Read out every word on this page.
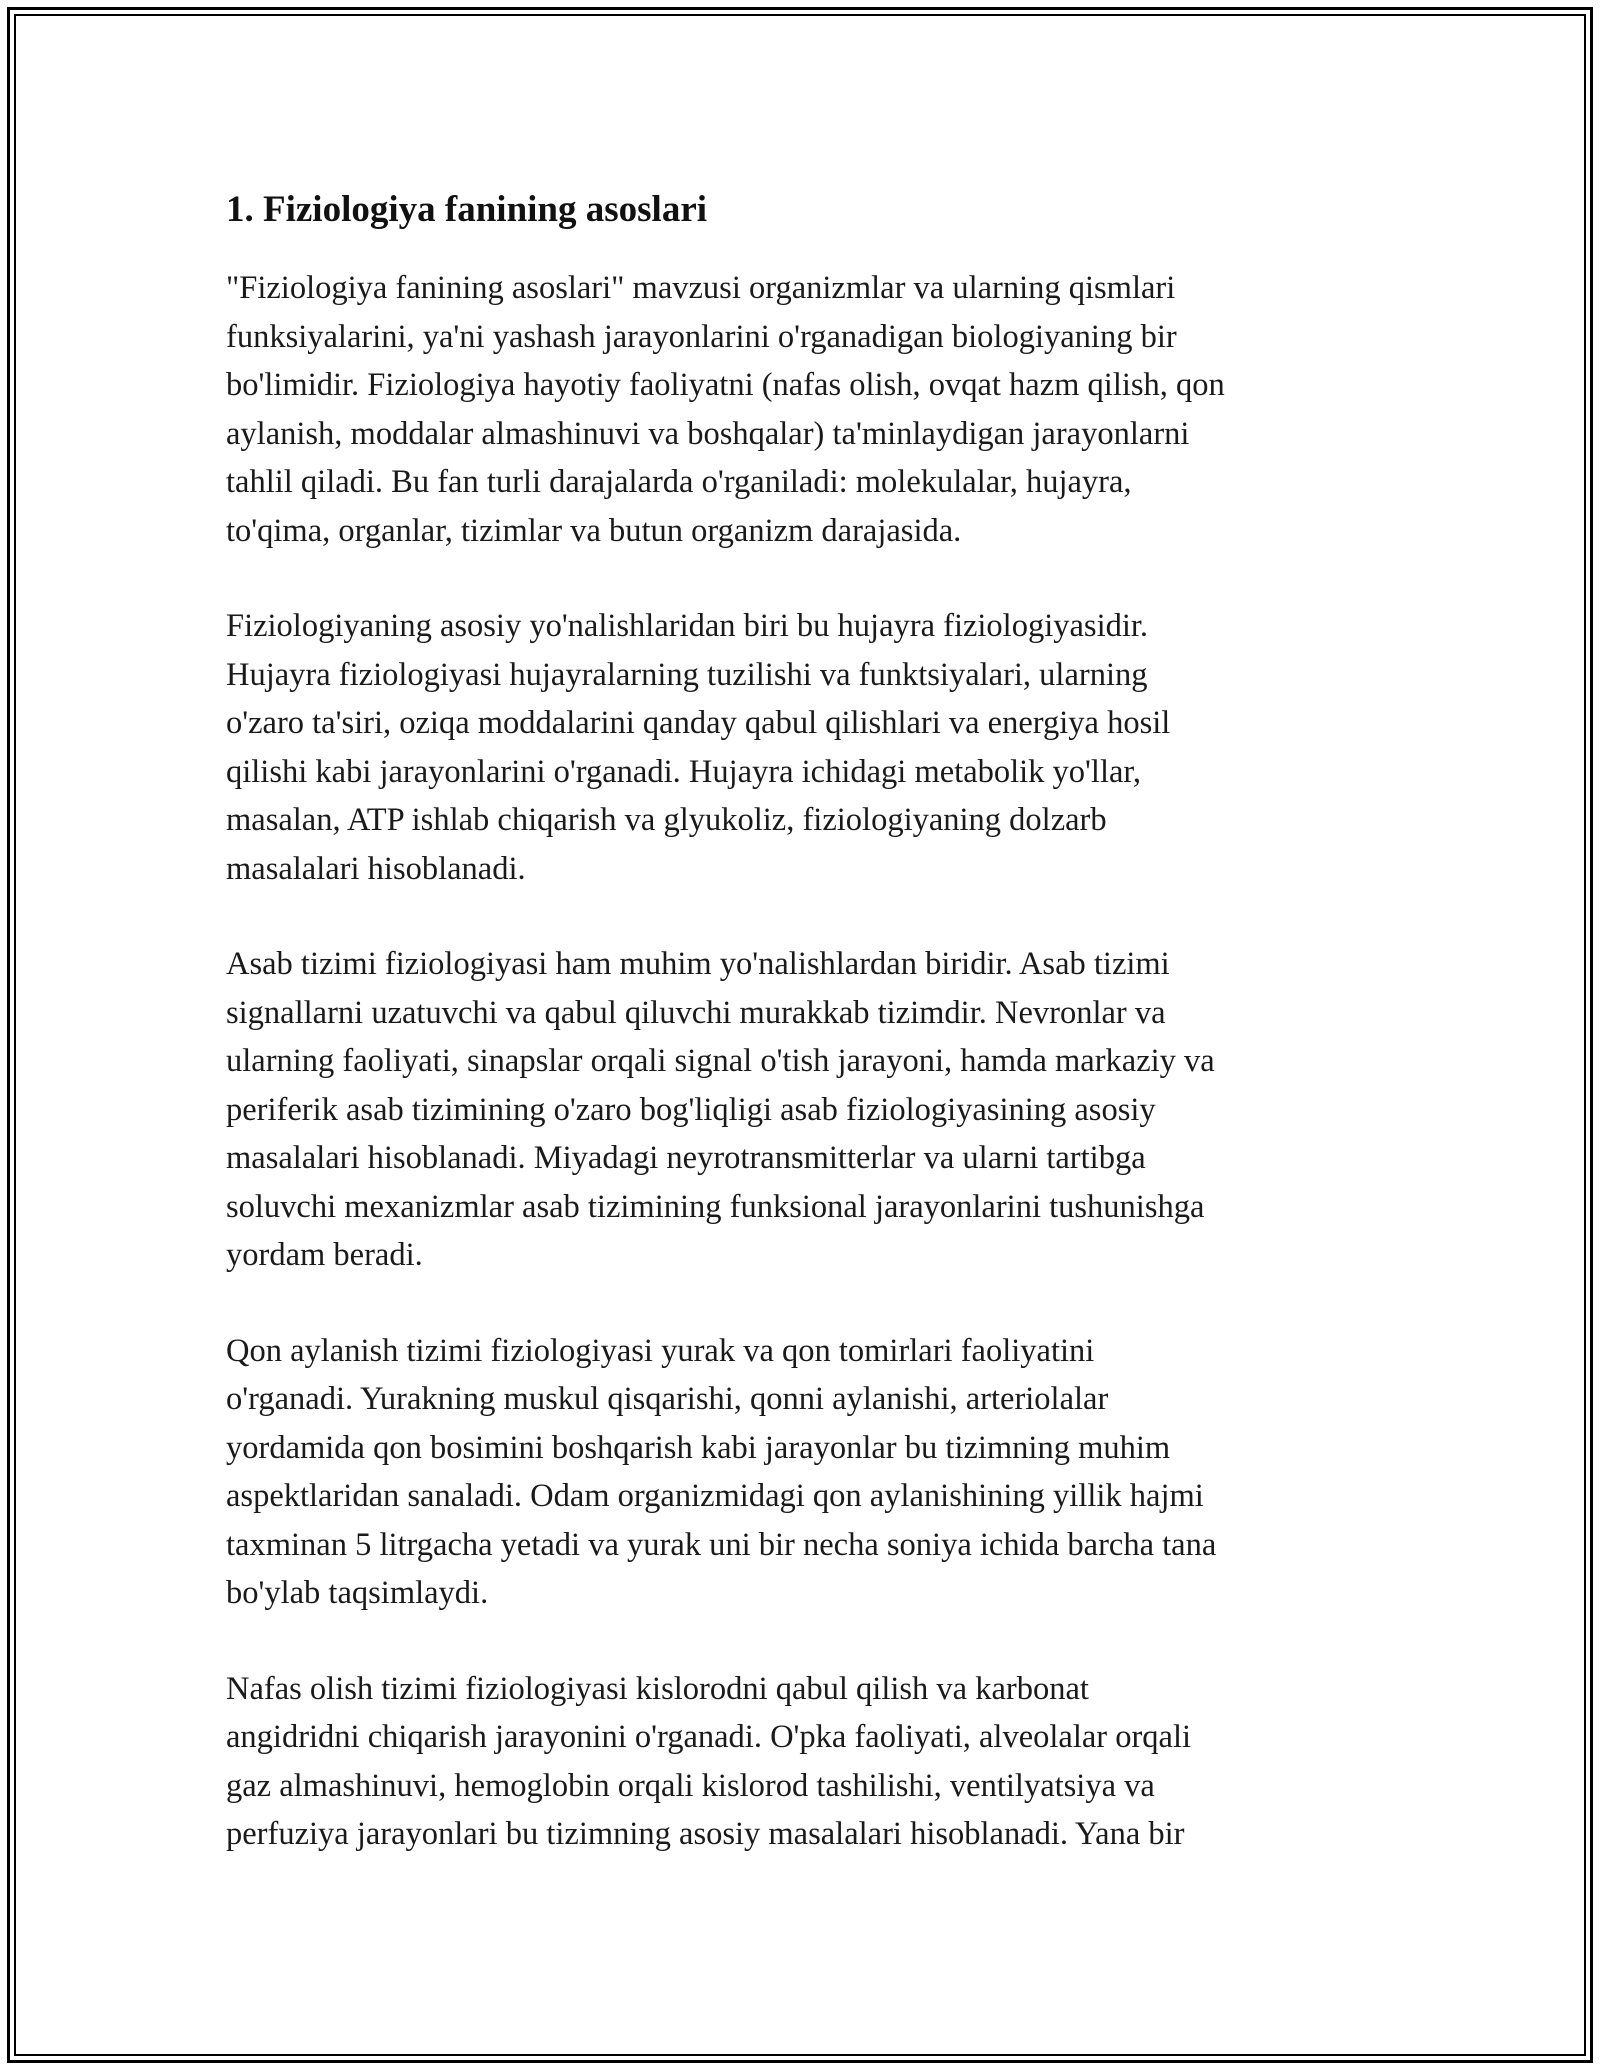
1. Fiziologiya fanining asoslari

"Fiziologiya fanining asoslari" mavzusi organizmlar va ularning qismlari
funksiyalarini, ya'ni yashash jarayonlarini o'rganadigan biologiyaning bir
bo'limidir. Fiziologiya hayotiy faoliyatni (nafas olish, ovqat hazm qilish, qon
aylanish, moddalar almashinuvi va boshqalar) ta'minlaydigan jarayonlarni
tahlil qiladi. Bu fan turli darajalarda o'rganiladi: molekulalar, hujayra,
to'qima, organlar, tizimlar va butun organizm darajasida.

Fiziologiyaning asosiy yo'nalishlaridan biri bu hujayra fiziologiyasidir.
Hujayra fiziologiyasi hujayralarning tuzilishi va funktsiyalari, ularning
o'zaro ta'siri, oziqa moddalarini qanday qabul qilishlari va energiya hosil
qilishi kabi jarayonlarini o'rganadi. Hujayra ichidagi metabolik yo'llar,
masalan, ATP ishlab chiqarish va glyukoliz, fiziologiyaning dolzarb
masalalari hisoblanadi.

Asab tizimi fiziologiyasi ham muhim yo'nalishlardan biridir. Asab tizimi
signallarni uzatuvchi va qabul qiluvchi murakkab tizimdir. Nevronlar va
ularning faoliyati, sinapslar orqali signal o'tish jarayoni, hamda markaziy va
periferik asab tizimining o'zaro bog'liqligi asab fiziologiyasining asosiy
masalalari hisoblanadi. Miyadagi neyrotransmitterlar va ularni tartibga
soluvchi mexanizmlar asab tizimining funksional jarayonlarini tushunishga
yordam beradi.

Qon aylanish tizimi fiziologiyasi yurak va qon tomirlari faoliyatini
o'rganadi. Yurakning muskul qisqarishi, qonni aylanishi, arteriolalar
yordamida qon bosimini boshqarish kabi jarayonlar bu tizimning muhim
aspektlaridan sanaladi. Odam organizmidagi qon aylanishining yillik hajmi
taxminan 5 litrgacha yetadi va yurak uni bir necha soniya ichida barcha tana
bo'ylab taqsimlaydi.

Nafas olish tizimi fiziologiyasi kislorodni qabul qilish va karbonat
angidridni chiqarish jarayonini o'rganadi. O'pka faoliyati, alveolalar orqali
gaz almashinuvi, hemoglobin orqali kislorod tashilishi, ventilyatsiya va
perfuziya jarayonlari bu tizimning asosiy masalalari hisoblanadi. Yana bir
